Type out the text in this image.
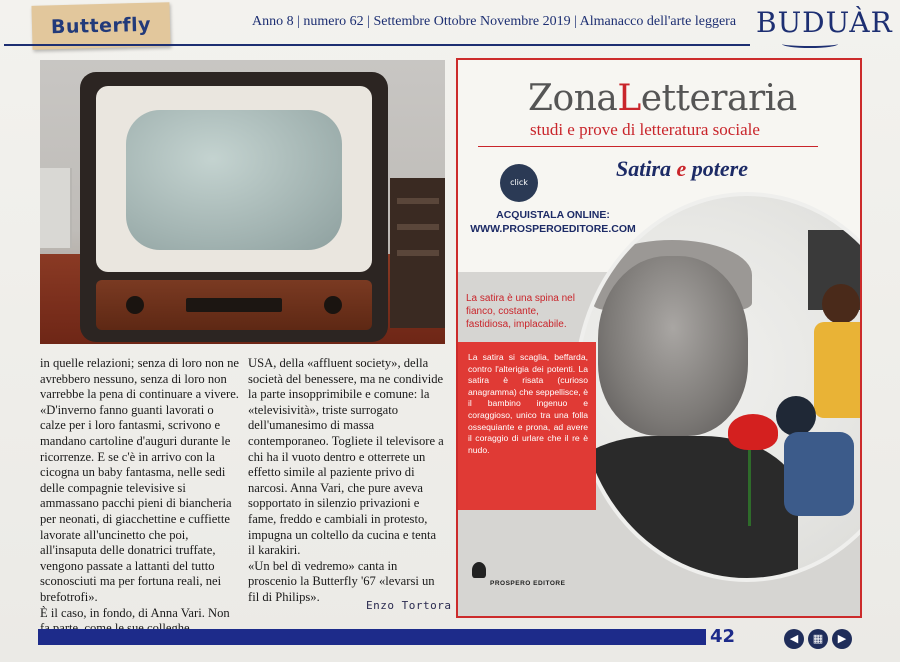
Butterfly	Anno 8 | numero 62 | Settembre Ottobre Novembre 2019 | Almanacco dell'arte leggera BUDUÀR

in quelle relazioni; senza di loro non ne avrebbero nessuno, senza di loro non varrebbe la pena di continuare a vivere. «D'inverno fanno guanti lavorati o calze per i loro fantasmi, scrivono e mandano cartoline d'auguri durante le ricorrenze. E se c'è in arrivo con la cicogna un baby fantasma, nelle sedi delle compagnie televisive si ammassano pacchi pieni di biancheria per neonati, di giacchettine e cuffiette lavorate all'uncinetto che poi, all'insaputa delle donatrici truffate, vengono passate a lattanti del tutto sconosciuti ma per fortuna reali, nei brefotrofi».

È il caso, in fondo, di Anna Vari. Non

USA, della «affluent society», della società del benessere, ma ne condivide la parte insopprimibile e comune: la «televisività», triste surrogato dell'umanesimo di massa contemporaneo. Togliete il televisore a chi ha il vuoto dentro e otterrete un effetto simile al paziente privo di narcosi. Anna Vari, che pure aveva sopportato in silenzio privazioni e fame, freddo e cambiali in protesto, impugna un coltello da cucina e tenta il karakiri.

«Un bel dì vedremo» canta in proscenio la Butterfly '67 «levarsi un fil di Philips».

Enzo Tortora
ZonaLetteraria
studi e prove di letteratura sociale
Satira e potere
click
ACQUISTALA ONLINE:
WWW.PROSPEROEDITORE.COM
La satira è una spina nel fianco, costante, fastidiosa, implacabile.

La satira si scaglia, beffarda, contro l'alterigia dei potenti. La satira è risata (curioso anagramma) che seppellisce, è il bambino ingenuo e coraggioso, unico tra una folla ossequiante e prona, ad avere il coraggio di urlare che il re è nudo.

PROSPERO EDITORE
42	◀	▦	▶
